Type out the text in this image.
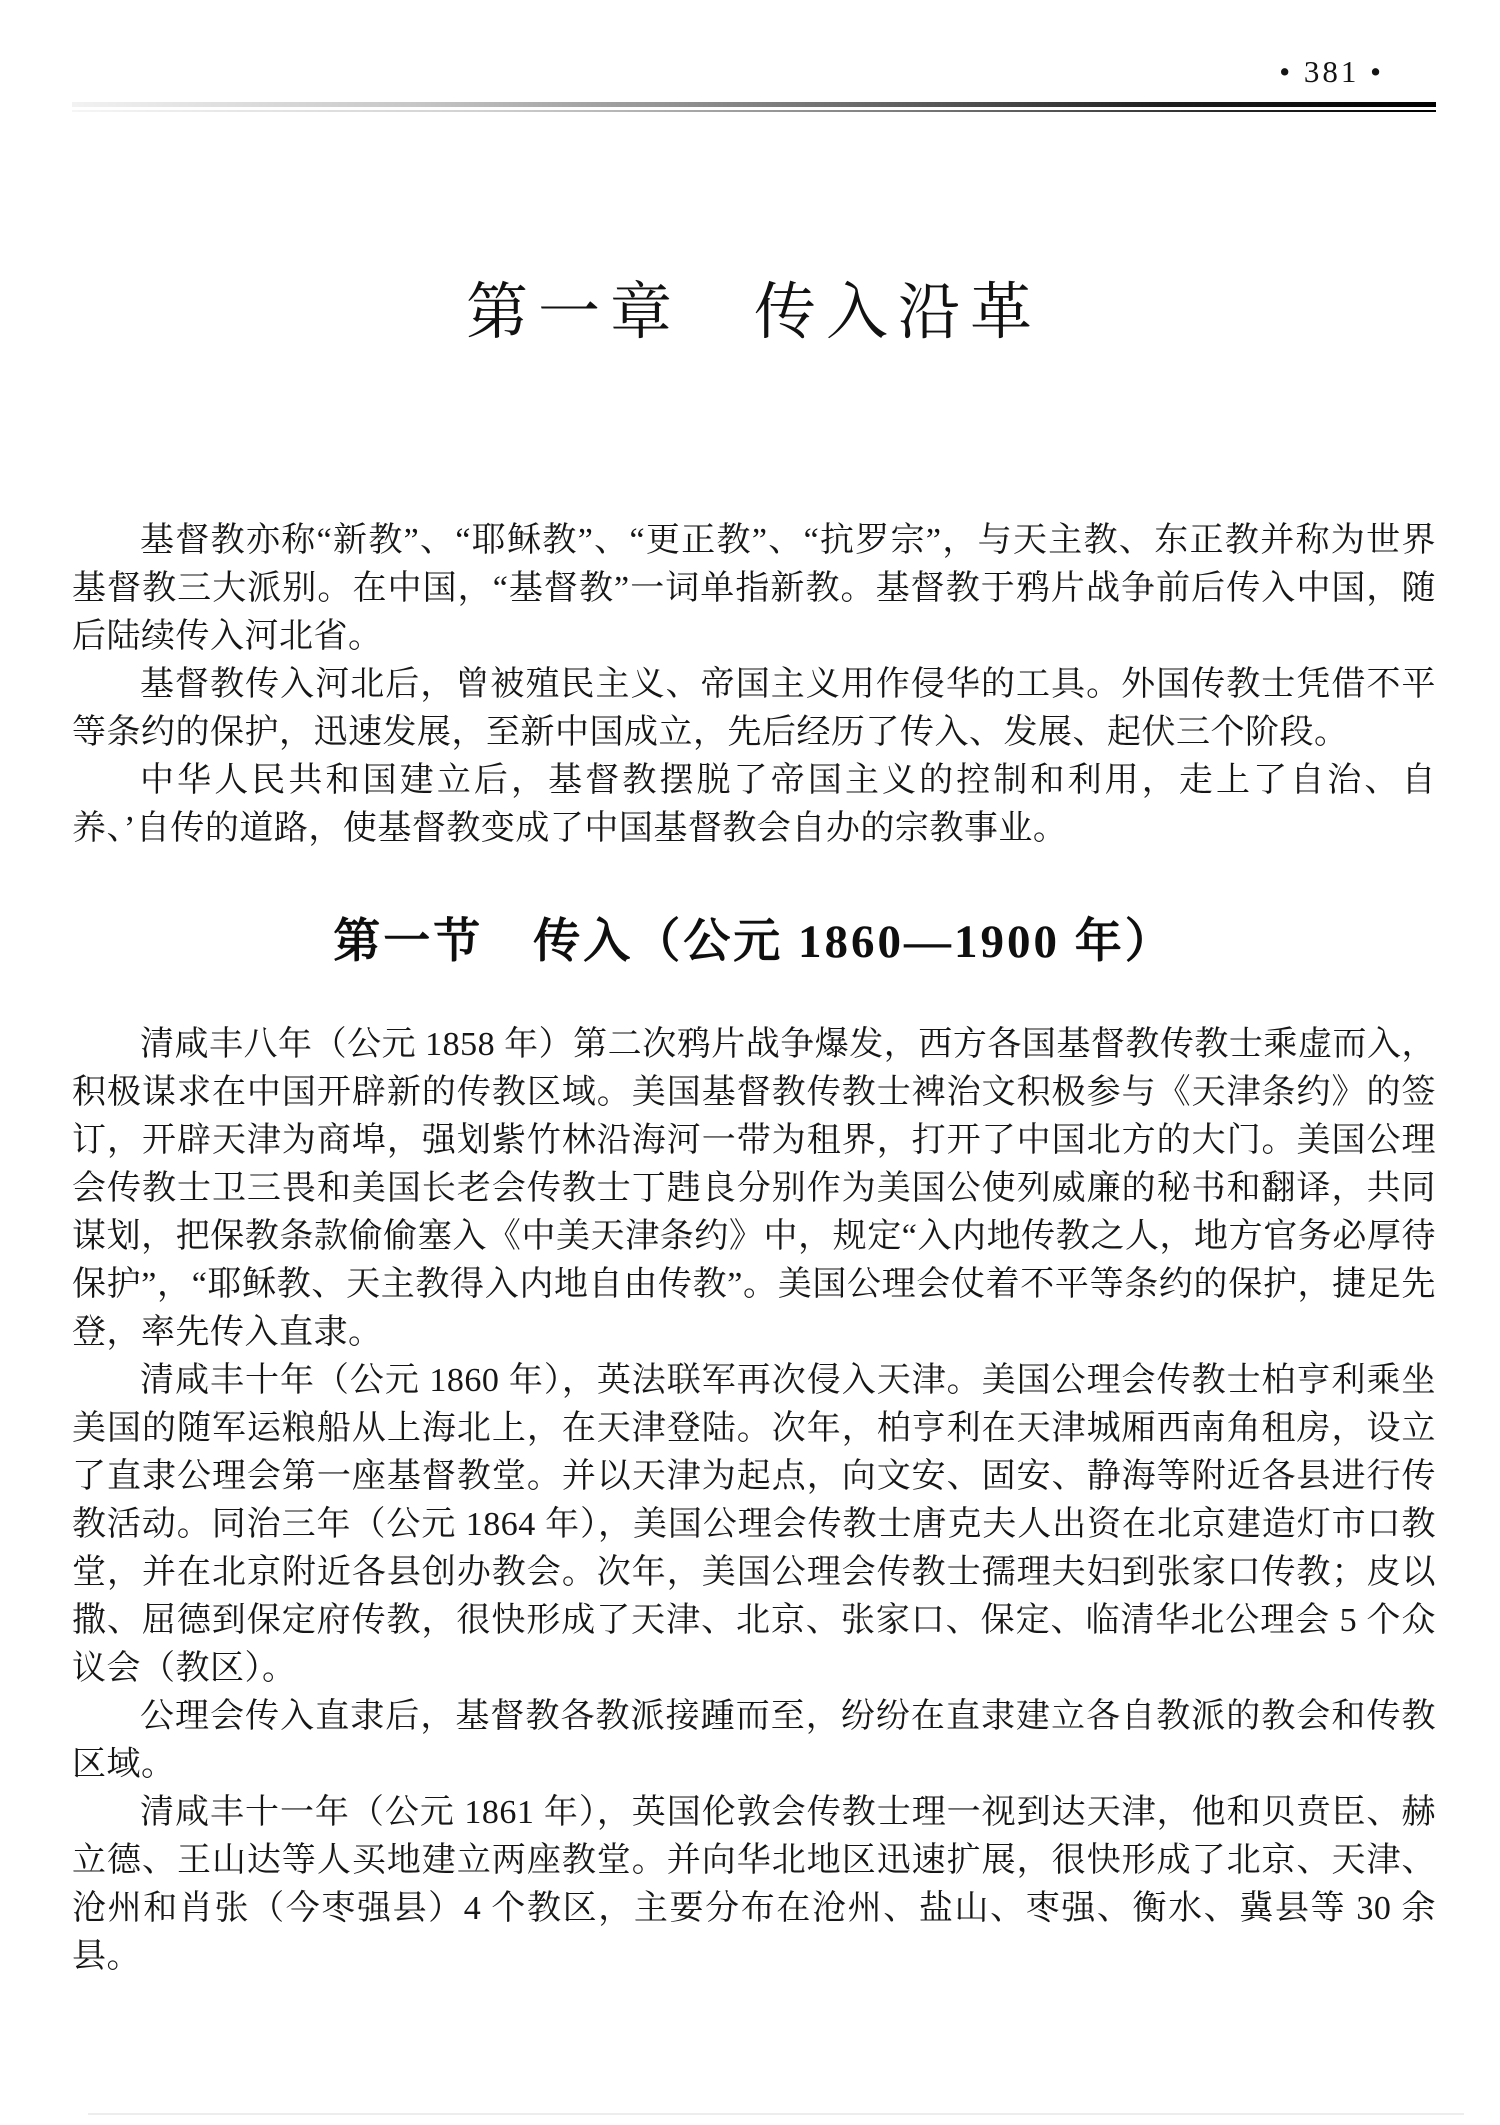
• 381 •
第一章　传入沿革

基督教亦称“新教”、“耶稣教”、“更正教”、“抗罗宗”，与天主教、东正教并称为世界基督教三大派别。在中国，“基督教”一词单指新教。基督教于鸦片战争前后传入中国，随后陆续传入河北省。

基督教传入河北后，曾被殖民主义、帝国主义用作侵华的工具。外国传教士凭借不平等条约的保护，迅速发展，至新中国成立，先后经历了传入、发展、起伏三个阶段。

中华人民共和国建立后，基督教摆脱了帝国主义的控制和利用，走上了自治、自养、’自传的道路，使基督教变成了中国基督教会自办的宗教事业。

第一节　传入（公元 1860—1900 年）

清咸丰八年（公元 1858 年）第二次鸦片战争爆发，西方各国基督教传教士乘虚而入，积极谋求在中国开辟新的传教区域。美国基督教传教士裨治文积极参与《天津条约》的签订，开辟天津为商埠，强划紫竹林沿海河一带为租界，打开了中国北方的大门。美国公理会传教士卫三畏和美国长老会传教士丁韪良分别作为美国公使列威廉的秘书和翻译，共同谋划，把保教条款偷偷塞入《中美天津条约》中，规定“入内地传教之人，地方官务必厚待保护”，“耶稣教、天主教得入内地自由传教”。美国公理会仗着不平等条约的保护，捷足先登，率先传入直隶。

清咸丰十年（公元 1860 年），英法联军再次侵入天津。美国公理会传教士柏亨利乘坐美国的随军运粮船从上海北上，在天津登陆。次年，柏亨利在天津城厢西南角租房，设立了直隶公理会第一座基督教堂。并以天津为起点，向文安、固安、静海等附近各县进行传教活动。同治三年（公元 1864 年），美国公理会传教士唐克夫人出资在北京建造灯市口教堂，并在北京附近各县创办教会。次年，美国公理会传教士孺理夫妇到张家口传教；皮以撒、屈德到保定府传教，很快形成了天津、北京、张家口、保定、临清华北公理会 5 个众议会（教区）。

公理会传入直隶后，基督教各教派接踵而至，纷纷在直隶建立各自教派的教会和传教区域。

清咸丰十一年（公元 1861 年），英国伦敦会传教士理一视到达天津，他和贝贲臣、赫立德、王山达等人买地建立两座教堂。并向华北地区迅速扩展，很快形成了北京、天津、沧州和肖张（今枣强县）4 个教区，主要分布在沧州、盐山、枣强、衡水、冀县等 30 余县。
